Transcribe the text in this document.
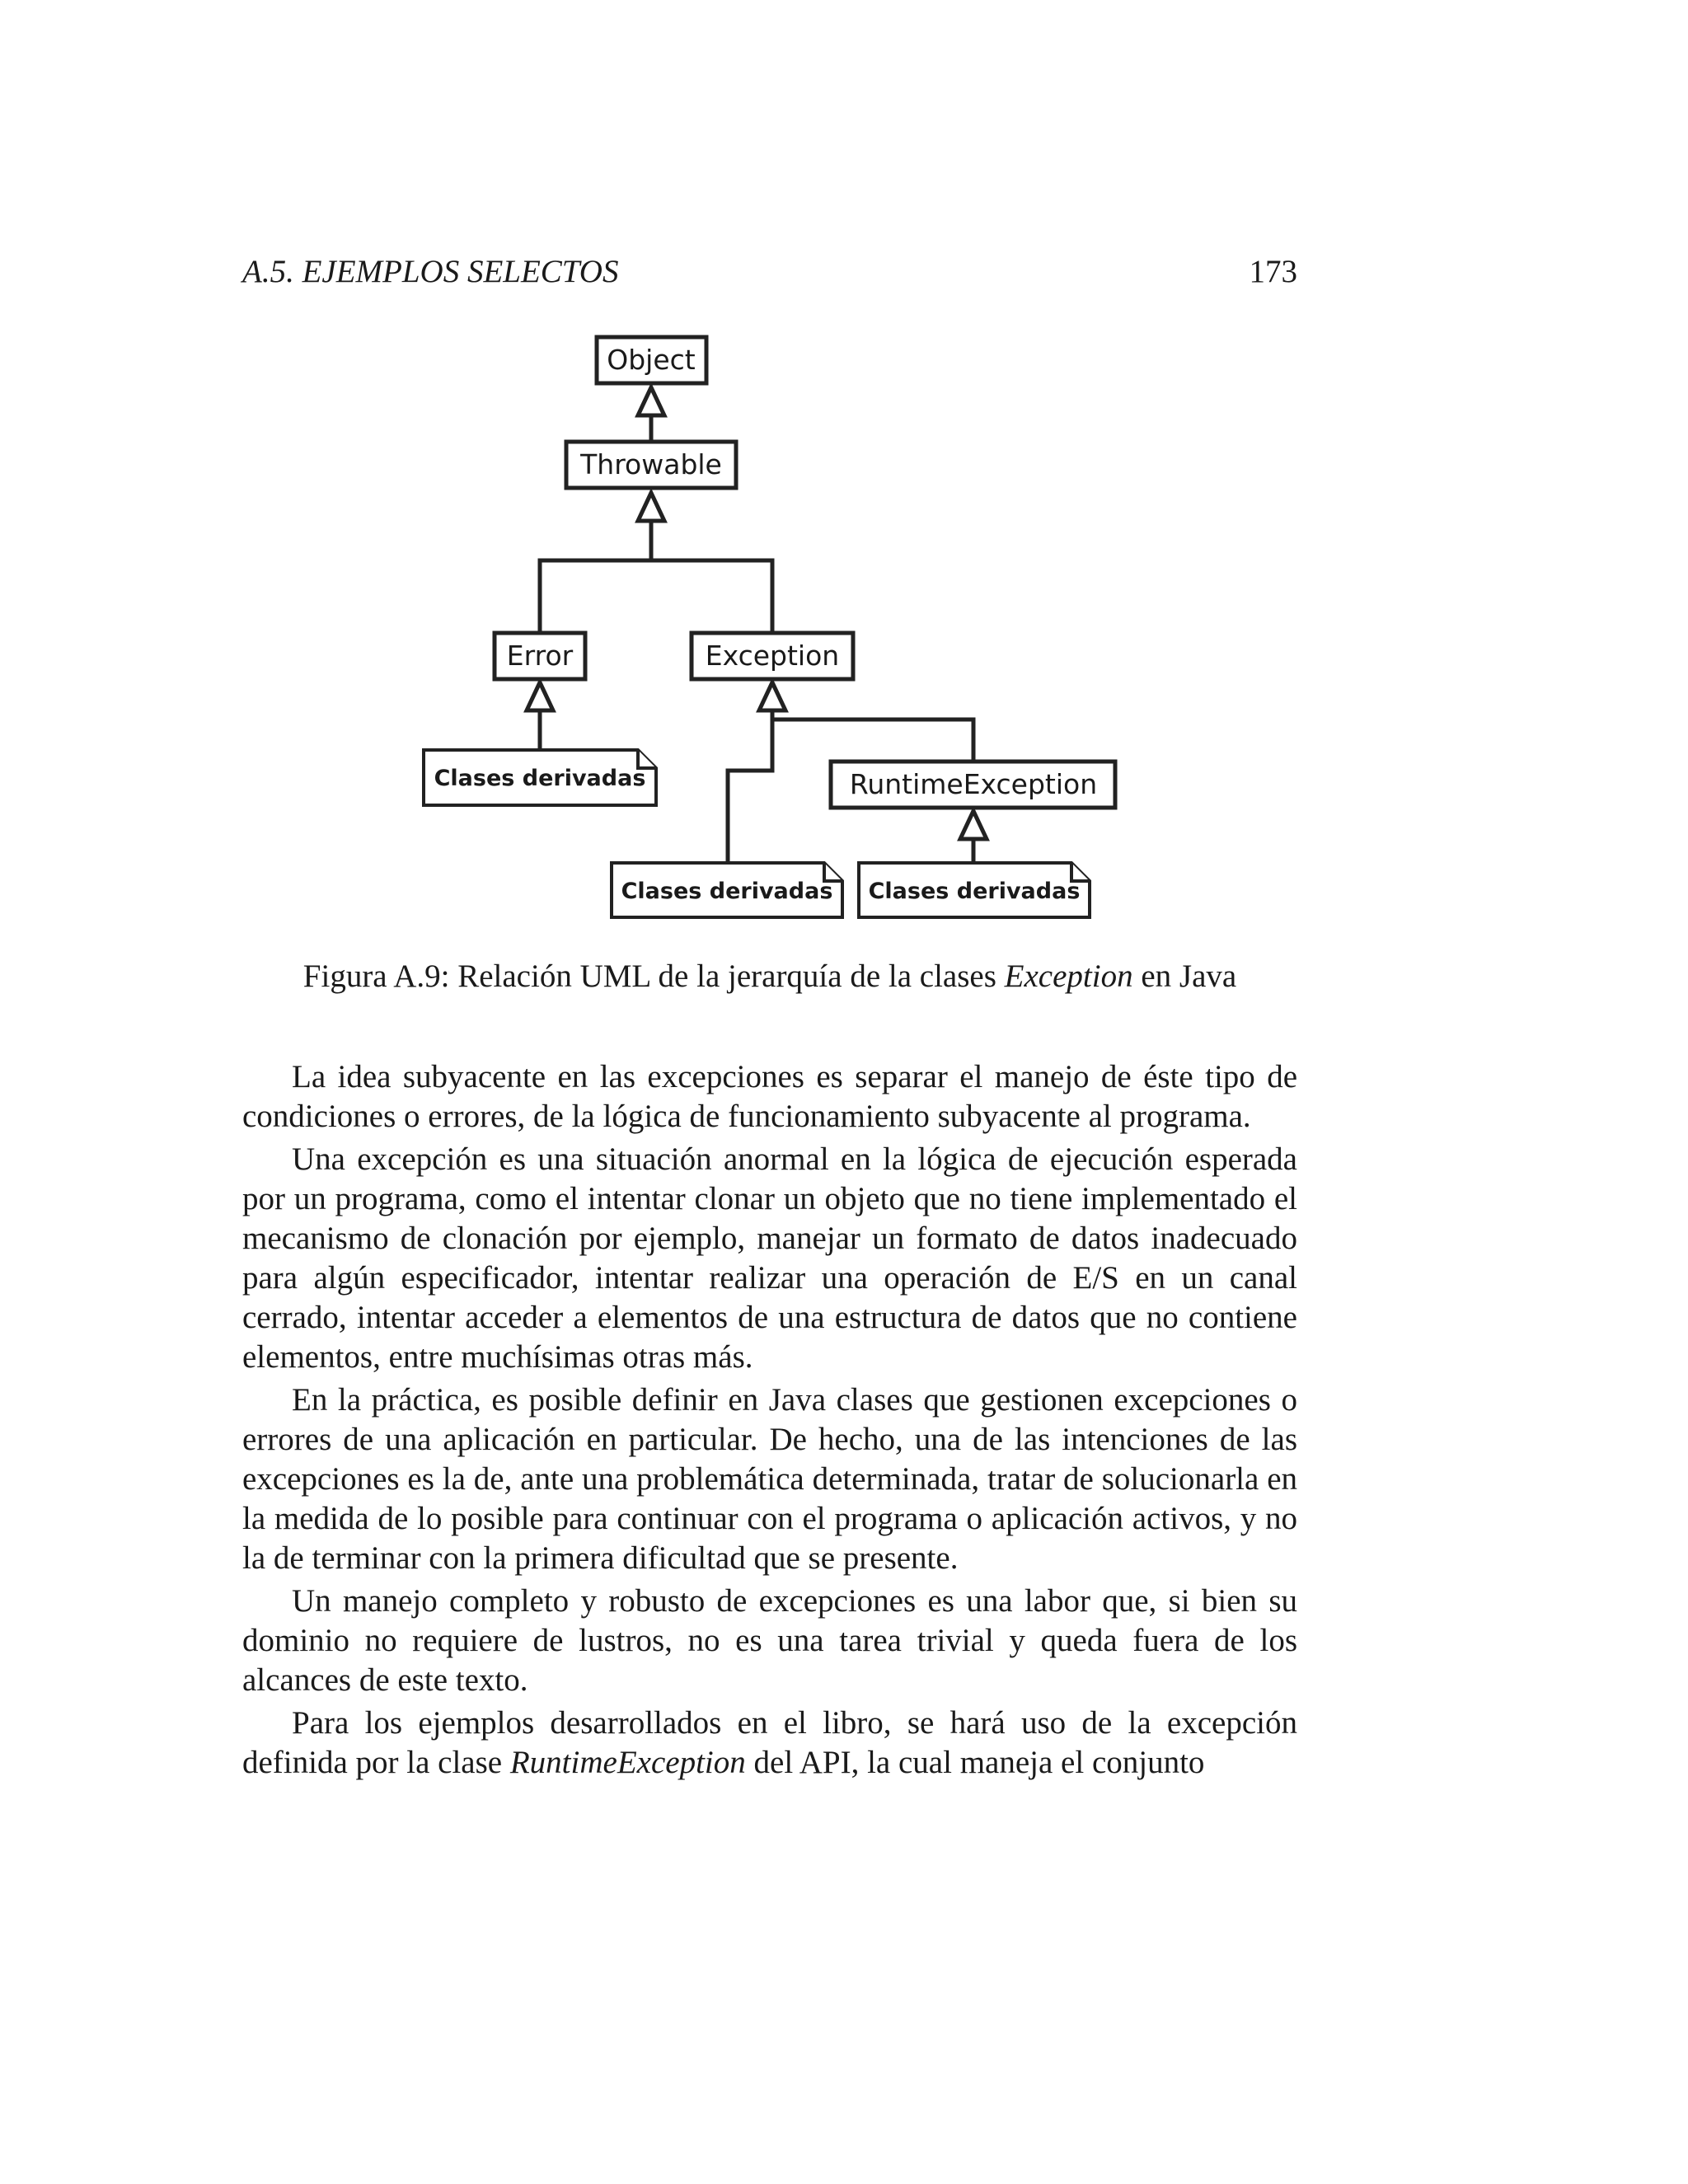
A.5. EJEMPLOS SELECTOS	173
Object
Throwable
Error	Exception
RuntimeException
Clases derivadas
Clases derivadas Clases derivadas
Figura A.9: Relación UML de la jerarquía de la clases Exception en Java

La idea subyacente en las excepciones es separar el manejo de éste tipo de condiciones o errores, de la lógica de funcionamiento subyacente al programa.

Una excepción es una situación anormal en la lógica de ejecución esperada por un programa, como el intentar clonar un objeto que no tiene implementado el mecanismo de clonación por ejemplo, manejar un formato de datos inadecuado para algún especificador, intentar realizar una operación de E/S en un canal cerrado, intentar acceder a elementos de una estructura de datos que no contiene elementos, entre muchísimas otras más.

En la práctica, es posible definir en Java clases que gestionen excepciones o errores de una aplicación en particular. De hecho, una de las intenciones de las excepciones es la de, ante una problemática determinada, tratar de solucionarla en la medida de lo posible para continuar con el programa o aplicación activos, y no la de terminar con la primera dificultad que se presente.

Un manejo completo y robusto de excepciones es una labor que, si bien su dominio no requiere de lustros, no es una tarea trivial y queda fuera de los alcances de este texto.

Para los ejemplos desarrollados en el libro, se hará uso de la excepción definida por la clase RuntimeException del API, la cual maneja el conjunto
